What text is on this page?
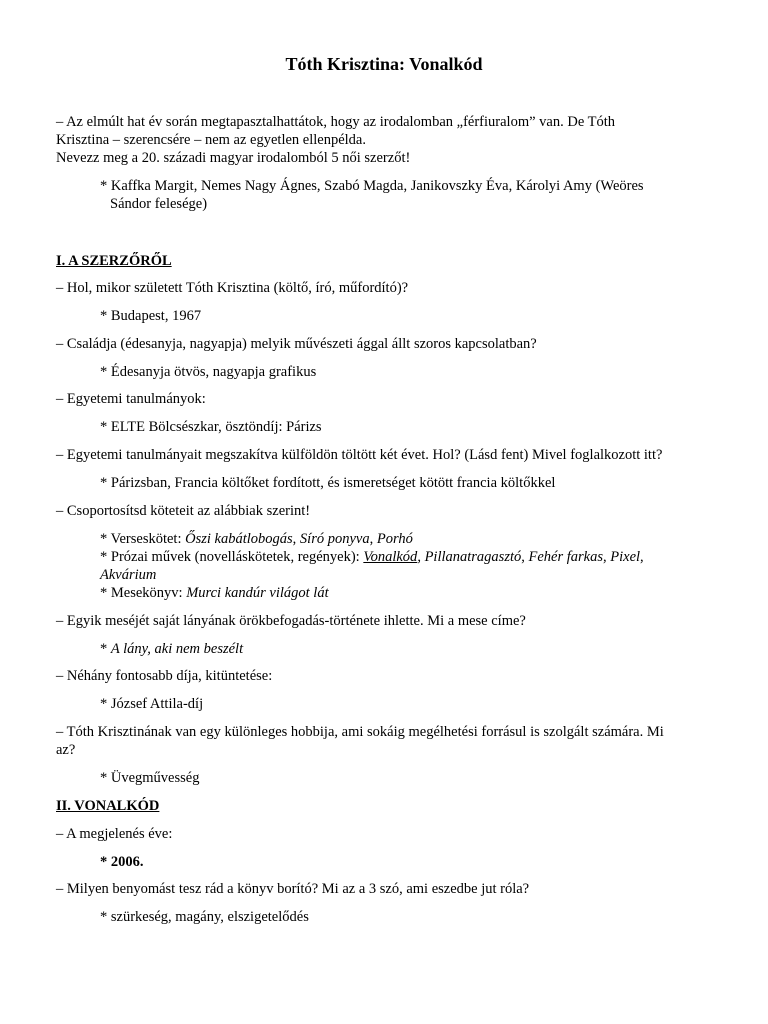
Tóth Krisztina: Vonalkód

– Az elmúlt hat év során megtapasztalhattátok, hogy az irodalomban „férfiuralom” van. De Tóth

Krisztina – szerencsére – nem az egyetlen ellenpélda.

Nevezz meg a 20. századi magyar irodalomból 5 női szerzőt!

* Kaffka Margit, Nemes Nagy Ágnes, Szabó Magda, Janikovszky Éva, Károlyi Amy (Weöres

Sándor felesége)

I. A SZERZŐRŐL
– Hol, mikor született Tóth Krisztina (költő, író, műfordító)?
* Budapest, 1967
– Családja (édesanyja, nagyapja) melyik művészeti ággal állt szoros kapcsolatban?
* Édesanyja ötvös, nagyapja grafikus
– Egyetemi tanulmányok:
* ELTE Bölcsészkar, ösztöndíj: Párizs
– Egyetemi tanulmányait megszakítva külföldön töltött két évet. Hol? (Lásd fent) Mivel foglalkozott itt?
* Párizsban, Francia költőket fordított, és ismeretséget kötött francia költőkkel
– Csoportosítsd köteteit az alábbiak szerint!

* Verseskötet: Őszi kabátlobogás, Síró ponyva, Porhó

* Prózai művek (novelláskötetek, regények): Vonalkód, Pillanatragasztó, Fehér farkas, Pixel,

Akvárium

* Mesekönyv: Murci kandúr világot lát

– Egyik meséjét saját lányának örökbefogadás-története ihlette. Mi a mese címe?
* A lány, aki nem beszélt
– Néhány fontosabb díja, kitüntetése:
* József Attila-díj

– Tóth Krisztinának van egy különleges hobbija, ami sokáig megélhetési forrásul is szolgált számára. Mi

az?

* Üvegművesség
II. VONALKÓD
– A megjelenés éve:
* 2006.
– Milyen benyomást tesz rád a könyv borító? Mi az a 3 szó, ami eszedbe jut róla?
* szürkeség, magány, elszigetelődés
